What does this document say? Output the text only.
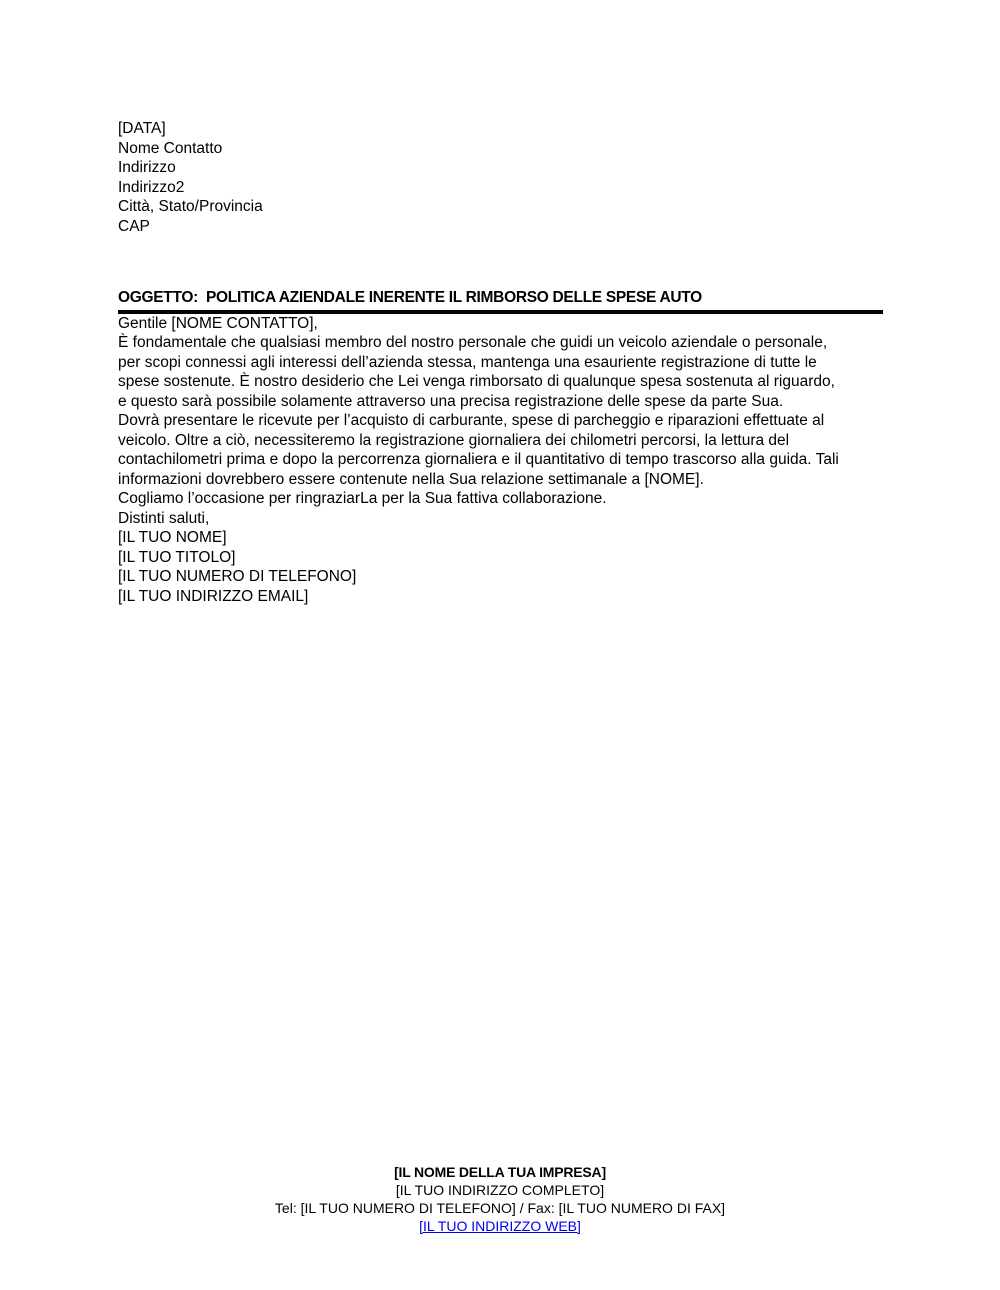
[DATA]

Nome Contatto
Indirizzo
Indirizzo2
Città, Stato/Provincia
CAP

OGGETTO:  POLITICA AZIENDALE INERENTE IL RIMBORSO DELLE SPESE AUTO

Gentile [NOME CONTATTO],

È fondamentale che qualsiasi membro del nostro personale che guidi un veicolo aziendale o personale,
per scopi connessi agli interessi dell’azienda stessa, mantenga una esauriente registrazione di tutte le
spese sostenute. È nostro desiderio che Lei venga rimborsato di qualunque spesa sostenuta al riguardo,
e questo sarà possibile solamente attraverso una precisa registrazione delle spese da parte Sua.

Dovrà presentare le ricevute per l’acquisto di carburante, spese di parcheggio e riparazioni effettuate al
veicolo. Oltre a ciò, necessiteremo la registrazione giornaliera dei chilometri percorsi, la lettura del
contachilometri prima e dopo la percorrenza giornaliera e il quantitativo di tempo trascorso alla guida. Tali
informazioni dovrebbero essere contenute nella Sua relazione settimanale a [NOME].

Cogliamo l’occasione per ringraziarLa per la Sua fattiva collaborazione.

Distinti saluti,

[IL TUO NOME]
[IL TUO TITOLO]
[IL TUO NUMERO DI TELEFONO]
[IL TUO INDIRIZZO EMAIL]

[IL NOME DELLA TUA IMPRESA]
[IL TUO INDIRIZZO COMPLETO]
Tel: [IL TUO NUMERO DI TELEFONO] / Fax: [IL TUO NUMERO DI FAX]
[IL TUO INDIRIZZO WEB]
